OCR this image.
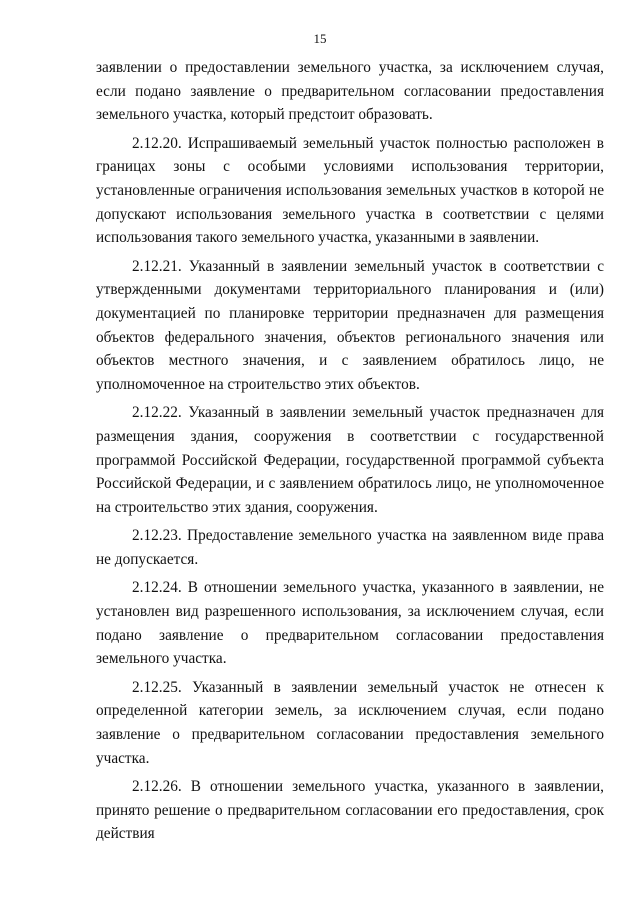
15

заявлении о предоставлении земельного участка, за исключением случая, если подано заявление о предварительном согласовании предоставления земельного участка, который предстоит образовать.

2.12.20. Испрашиваемый земельный участок полностью расположен в границах зоны с особыми условиями использования территории, установленные ограничения использования земельных участков в которой не допускают использования земельного участка в соответствии с целями использования такого земельного участка, указанными в заявлении.

2.12.21. Указанный в заявлении земельный участок в соответствии с утвержденными документами территориального планирования и (или) документацией по планировке территории предназначен для размещения объектов федерального значения, объектов регионального значения или объектов местного значения, и с заявлением обратилось лицо, не уполномоченное на строительство этих объектов.

2.12.22. Указанный в заявлении земельный участок предназначен для размещения здания, сооружения в соответствии с государственной программой Российской Федерации, государственной программой субъекта Российской Федерации, и с заявлением обратилось лицо, не уполномоченное на строительство этих здания, сооружения.

2.12.23. Предоставление земельного участка на заявленном виде права не допускается.

2.12.24. В отношении земельного участка, указанного в заявлении, не установлен вид разрешенного использования, за исключением случая, если подано заявление о предварительном согласовании предоставления земельного участка.

2.12.25. Указанный в заявлении земельный участок не отнесен к определенной категории земель, за исключением случая, если подано заявление о предварительном согласовании предоставления земельного участка.

2.12.26. В отношении земельного участка, указанного в заявлении, принято решение о предварительном согласовании его предоставления, срок действия
